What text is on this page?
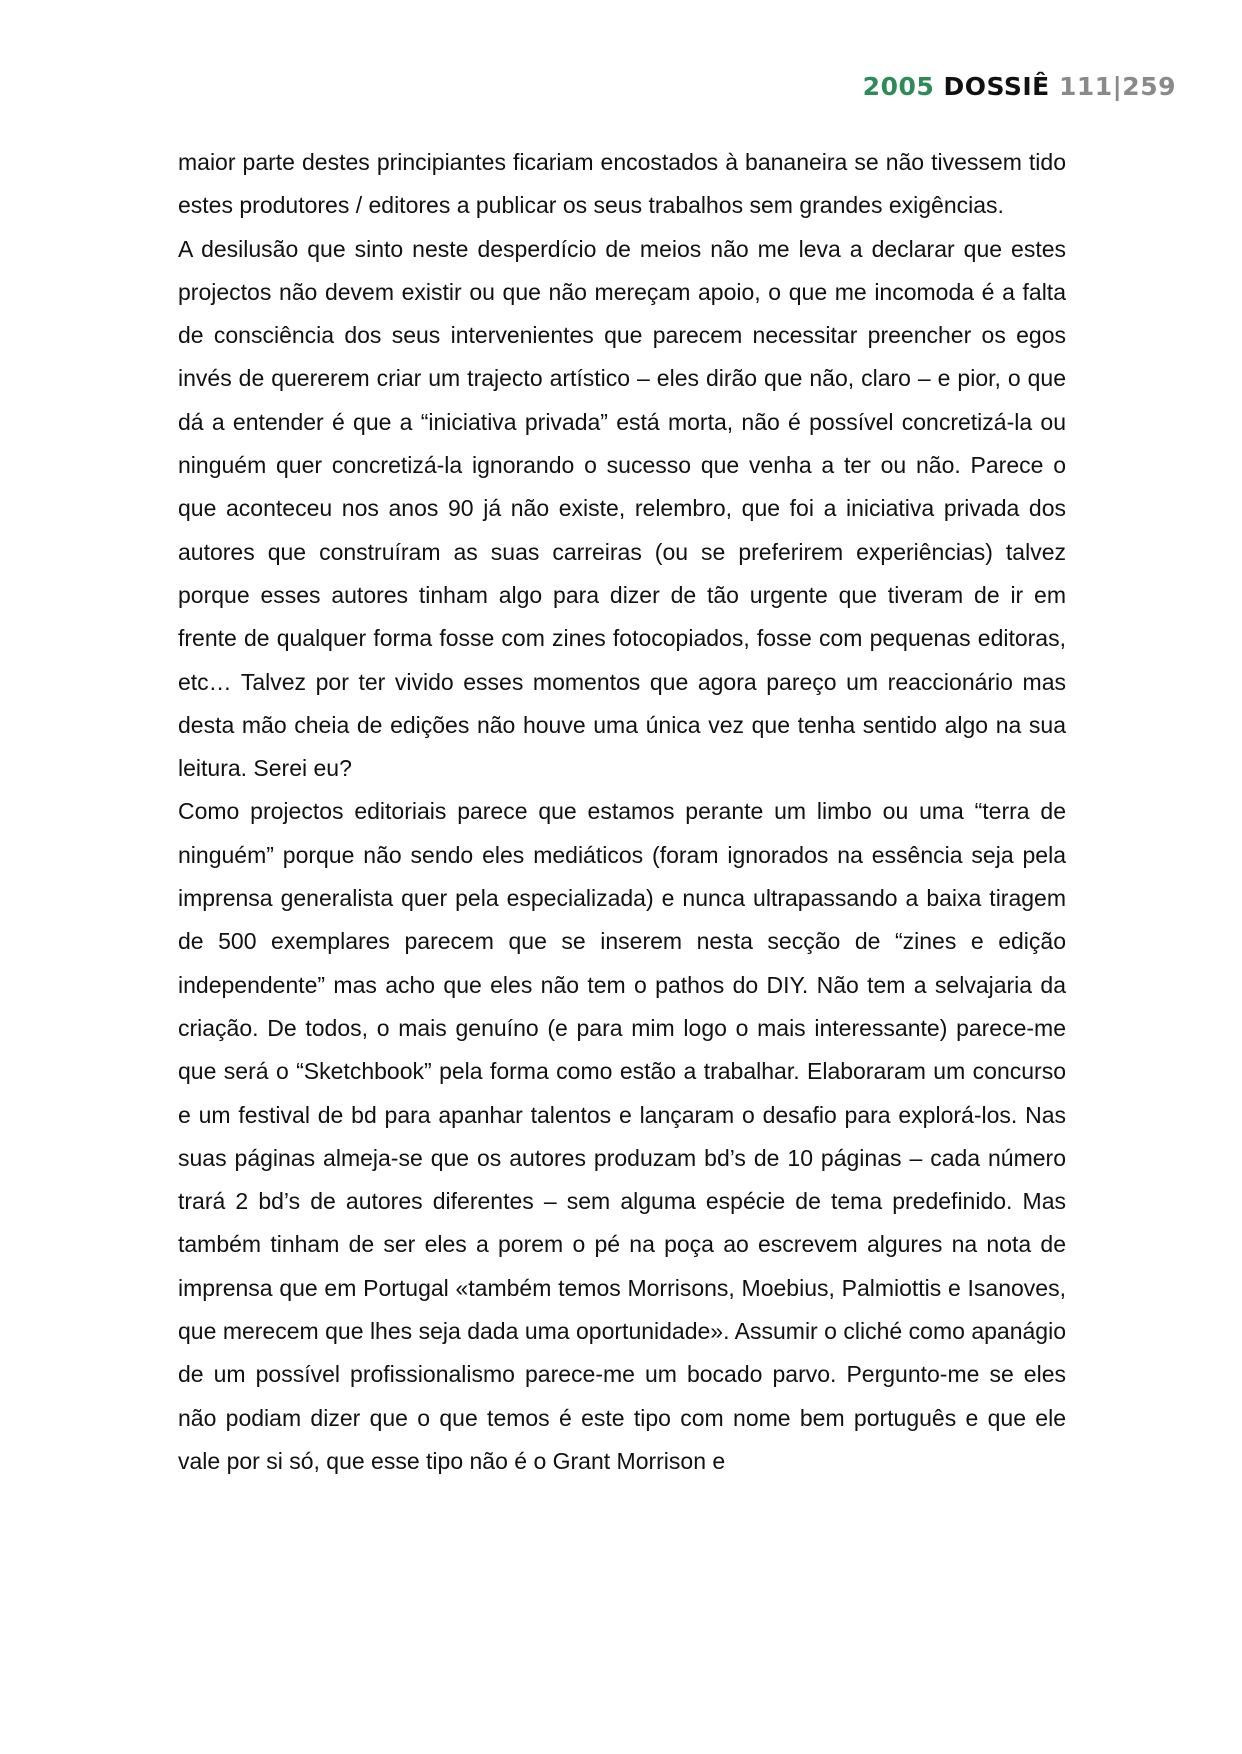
2005 DOSSIÊ 111|259

maior parte destes principiantes ficariam encostados à bananeira se não tivessem tido estes produtores / editores a publicar os seus trabalhos sem grandes exigências.

A desilusão que sinto neste desperdício de meios não me leva a declarar que estes projectos não devem existir ou que não mereçam apoio, o que me incomoda é a falta de consciência dos seus intervenientes que parecem necessitar preencher os egos invés de quererem criar um trajecto artístico – eles dirão que não, claro – e pior, o que dá a entender é que a “iniciativa privada” está morta, não é possível concretizá-la ou ninguém quer concretizá-la ignorando o sucesso que venha a ter ou não. Parece o que aconteceu nos anos 90 já não existe, relembro, que foi a iniciativa privada dos autores que construíram as suas carreiras (ou se preferirem experiências) talvez porque esses autores tinham algo para dizer de tão urgente que tiveram de ir em frente de qualquer forma fosse com zines fotocopiados, fosse com pequenas editoras, etc… Talvez por ter vivido esses momentos que agora pareço um reaccionário mas desta mão cheia de edições não houve uma única vez que tenha sentido algo na sua leitura. Serei eu?

Como projectos editoriais parece que estamos perante um limbo ou uma “terra de ninguém” porque não sendo eles mediáticos (foram ignorados na essência seja pela imprensa generalista quer pela especializada) e nunca ultrapassando a baixa tiragem de 500 exemplares parecem que se inserem nesta secção de “zines e edição independente” mas acho que eles não tem o pathos do DIY. Não tem a selvajaria da criação. De todos, o mais genuíno (e para mim logo o mais interessante) parece-me que será o “Sketchbook” pela forma como estão a trabalhar. Elaboraram um concurso e um festival de bd para apanhar talentos e lançaram o desafio para explorá-los. Nas suas páginas almeja-se que os autores produzam bd’s de 10 páginas – cada número trará 2 bd’s de autores diferentes – sem alguma espécie de tema predefinido. Mas também tinham de ser eles a porem o pé na poça ao escrevem algures na nota de imprensa que em Portugal «também temos Morrisons, Moebius, Palmiottis e Isanoves, que merecem que lhes seja dada uma oportunidade». Assumir o cliché como apanágio de um possível profissionalismo parece-me um bocado parvo. Pergunto-me se eles não podiam dizer que o que temos é este tipo com nome bem português e que ele vale por si só, que esse tipo não é o Grant Morrison e
